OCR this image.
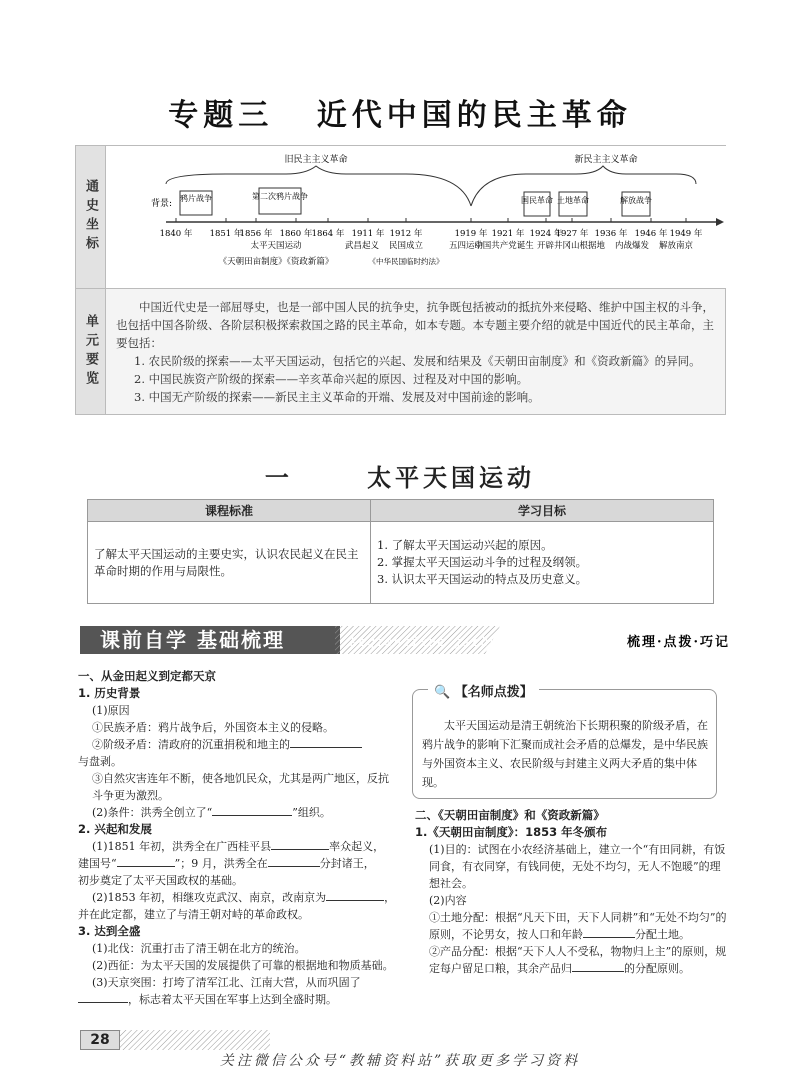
专题三 近代中国的民主革命
通史坐标
单元要览
旧民主主义革命	新民主主义革命
背景:
鸦片战争	第二次鸦片战争	国民革命 土地革命	解放战争
1840 年 1851 年
1856 年 1860 年 1864 年 1911 年 1912 年	1919 年 1921 年 1924 年
1927 年 1936 年 1946 年 1949 年
太平天国运动
《天朝田亩制度》《资政新篇》
武昌起义 民国成立
《中华民国临时约法》
五四运动
中国共产党诞生 开辟井冈山根据地 内战爆发 解放南京

中国近代史是一部屈辱史，也是一部中国人民的抗争史，抗争既包括被动的抵抗外来侵略、维护中国主权的斗争，也包括中国各阶级、各阶层积极探索救国之路的民主革命，如本专题。本专题主要介绍的就是中国近代的民主革命，主要包括：

1. 农民阶级的探索——太平天国运动，包括它的兴起、发展和结果及《天朝田亩制度》和《资政新篇》的异同。
2. 中国民族资产阶级的探索——辛亥革命兴起的原因、过程及对中国的影响。
3. 中国无产阶级的探索——新民主主义革命的开端、发展及对中国前途的影响。
一	太平天国运动
课程标准	学习目标
了解太平天国运动的主要史实，认识农民起义在民主革命时期的作用与局限性。	1. 了解太平天国运动兴起的原因。
2. 掌握太平天国运动斗争的过程及纲领。
3. 认识太平天国运动的特点及历史意义。
课前自学 基础梳理	keqianzixue jichushuli	梳理·点拨·巧记
一、从金田起义到定都天京
1. 历史背景
(1)原因
①民族矛盾：鸦片战争后，外国资本主义的侵略。
②阶级矛盾：清政府的沉重捐税和地主的
与盘剥。
③自然灾害连年不断，使各地饥民众，尤其是两广地区，反抗斗争更为激烈。
(2)条件：洪秀全创立了“	”组织。
2. 兴起和发展
(1)1851 年初，洪秀全在广西桂平县	率众起义，
建国号“	”；9 月，洪秀全在	分封诸王，
初步奠定了太平天国政权的基础。
(2)1853 年初，相继攻克武汉、南京，改南京为	，
并在此定都，建立了与清王朝对峙的革命政权。
3. 达到全盛
(1)北伐：沉重打击了清王朝在北方的统治。
(2)西征：为太平天国的发展提供了可靠的根据地和物质基础。
(3)天京突围：打垮了清军江北、江南大营，从而巩固了
，标志着太平天国在军事上达到全盛时期。
🔍 【名师点拨】
太平天国运动是清王朝统治下长期积聚的阶级矛盾，在鸦片战争的影响下汇聚而成社会矛盾的总爆发，是中华民族与外国资本主义、农民阶级与封建主义两大矛盾的集中体现。
二、《天朝田亩制度》和《资政新篇》
1.《天朝田亩制度》：1853 年冬颁布
(1)目的：试图在小农经济基础上，建立一个“有田同耕，有饭同食，有衣同穿，有钱同使，无处不均匀，无人不饱暖”的理想社会。
(2)内容
①土地分配：根据“凡天下田，天下人同耕”和“无处不均匀”的原则，不论男女，按人口和年龄	分配土地。
②产品分配：根据“天下人人不受私，物物归上主”的原则，规定每户留足口粮，其余产品归	的分配原则。
28
关注微信公众号“教辅资料站”获取更多学习资料
